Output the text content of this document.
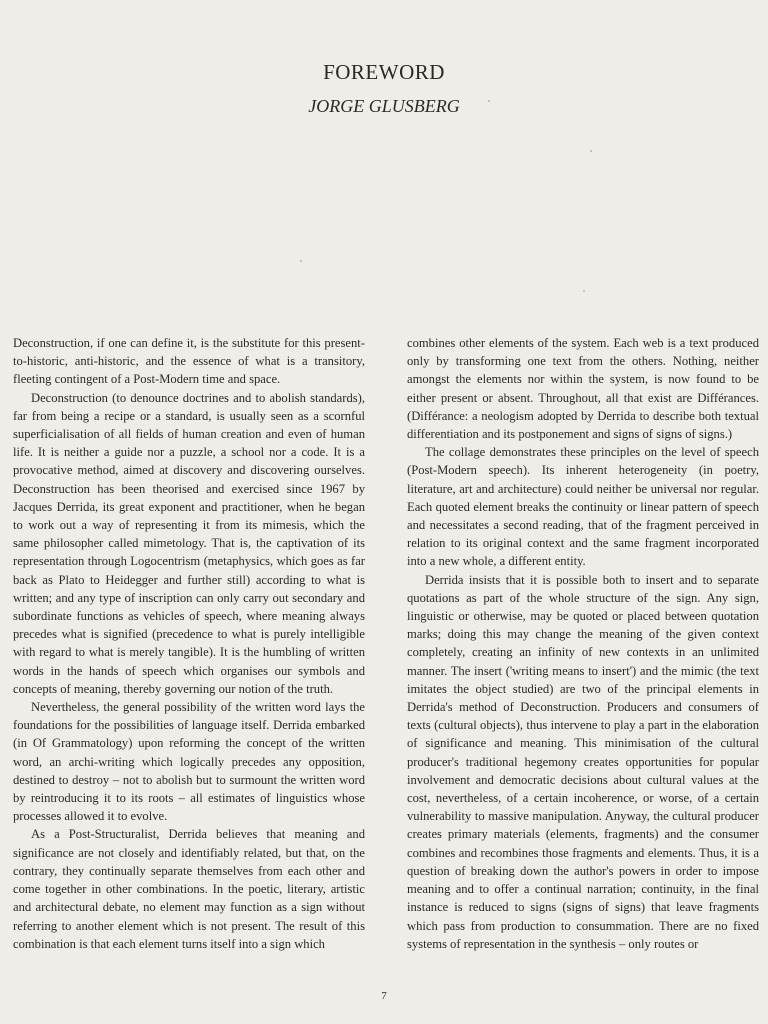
FOREWORD
JORGE GLUSBERG

Deconstruction, if one can define it, is the substitute for this present-to-historic, anti-historic, and the essence of what is a transitory, fleeting contingent of a Post-Modern time and space.

Deconstruction (to denounce doctrines and to abolish standards), far from being a recipe or a standard, is usually seen as a scornful superficialisation of all fields of human creation and even of human life. It is neither a guide nor a puzzle, a school nor a code. It is a provocative method, aimed at discovery and discovering ourselves. Deconstruction has been theorised and exercised since 1967 by Jacques Derrida, its great exponent and practitioner, when he began to work out a way of representing it from its mimesis, which the same philosopher called mimetology. That is, the captivation of its representation through Logocentrism (metaphysics, which goes as far back as Plato to Heidegger and further still) according to what is written; and any type of inscription can only carry out secondary and subordinate functions as vehicles of speech, where meaning always precedes what is signified (precedence to what is purely intelligible with regard to what is merely tangible). It is the humbling of written words in the hands of speech which organises our symbols and concepts of meaning, thereby governing our notion of the truth.

Nevertheless, the general possibility of the written word lays the foundations for the possibilities of language itself. Derrida embarked (in Of Grammatology) upon reforming the concept of the written word, an archi-writing which logically precedes any opposition, destined to destroy – not to abolish but to surmount the written word by reintroducing it to its roots – all estimates of linguistics whose processes allowed it to evolve.

As a Post-Structuralist, Derrida believes that meaning and significance are not closely and identifiably related, but that, on the contrary, they continually separate themselves from each other and come together in other combinations. In the poetic, literary, artistic and architectural debate, no element may function as a sign without referring to another element which is not present. The result of this combination is that each element turns itself into a sign which

combines other elements of the system. Each web is a text produced only by transforming one text from the others. Nothing, neither amongst the elements nor within the system, is now found to be either present or absent. Throughout, all that exist are Différances. (Différance: a neologism adopted by Derrida to describe both textual differentiation and its postponement and signs of signs of signs.)

The collage demonstrates these principles on the level of speech (Post-Modern speech). Its inherent heterogeneity (in poetry, literature, art and architecture) could neither be universal nor regular. Each quoted element breaks the continuity or linear pattern of speech and necessitates a second reading, that of the fragment perceived in relation to its original context and the same fragment incorporated into a new whole, a different entity.

Derrida insists that it is possible both to insert and to separate quotations as part of the whole structure of the sign. Any sign, linguistic or otherwise, may be quoted or placed between quotation marks; doing this may change the meaning of the given context completely, creating an infinity of new contexts in an unlimited manner. The insert ('writing means to insert') and the mimic (the text imitates the object studied) are two of the principal elements in Derrida's method of Deconstruction. Producers and consumers of texts (cultural objects), thus intervene to play a part in the elaboration of significance and meaning. This minimisation of the cultural producer's traditional hegemony creates opportunities for popular involvement and democratic decisions about cultural values at the cost, nevertheless, of a certain incoherence, or worse, of a certain vulnerability to massive manipulation. Anyway, the cultural producer creates primary materials (elements, fragments) and the consumer combines and recombines those fragments and elements. Thus, it is a question of breaking down the author's powers in order to impose meaning and to offer a continual narration; continuity, in the final instance is reduced to signs (signs of signs) that leave fragments which pass from production to consummation. There are no fixed systems of representation in the synthesis – only routes or

7
